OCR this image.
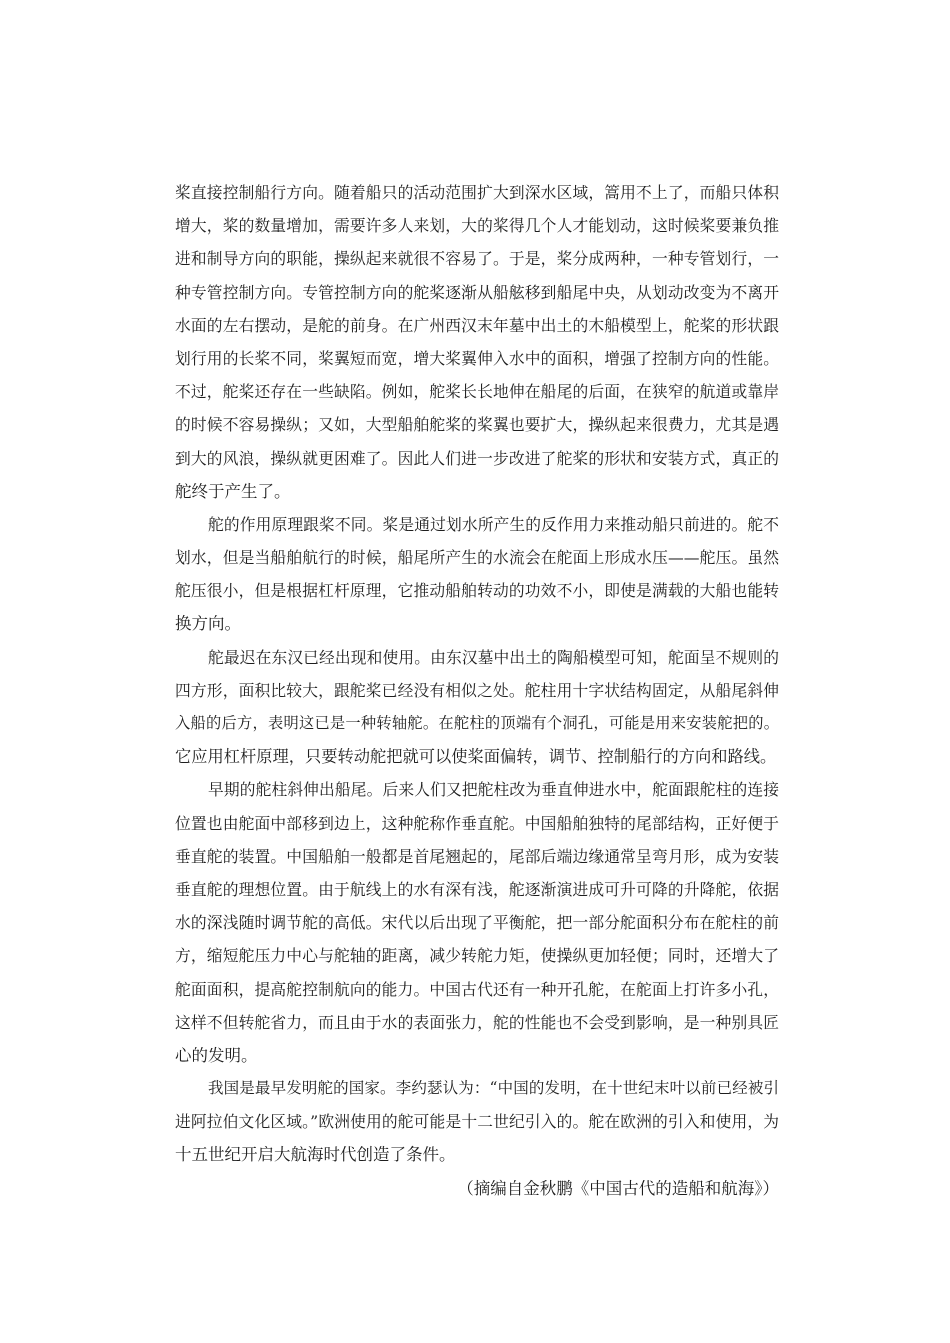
桨直接控制船行方向。随着船只的活动范围扩大到深水区域，篙用不上了，而船只体积
增大，桨的数量增加，需要许多人来划，大的桨得几个人才能划动，这时候桨要兼负推
进和制导方向的职能，操纵起来就很不容易了。于是，桨分成两种，一种专管划行，一
种专管控制方向。专管控制方向的舵桨逐渐从船舷移到船尾中央，从划动改变为不离开
水面的左右摆动，是舵的前身。在广州西汉末年墓中出土的木船模型上，舵桨的形状跟
划行用的长桨不同，桨翼短而宽，增大桨翼伸入水中的面积，增强了控制方向的性能。
不过，舵桨还存在一些缺陷。例如，舵桨长长地伸在船尾的后面，在狭窄的航道或靠岸
的时候不容易操纵；又如，大型船舶舵桨的桨翼也要扩大，操纵起来很费力，尤其是遇
到大的风浪，操纵就更困难了。因此人们进一步改进了舵桨的形状和安装方式，真正的
舵终于产生了。
舵的作用原理跟桨不同。桨是通过划水所产生的反作用力来推动船只前进的。舵不
划水，但是当船舶航行的时候，船尾所产生的水流会在舵面上形成水压——舵压。虽然
舵压很小，但是根据杠杆原理，它推动船舶转动的功效不小，即使是满载的大船也能转
换方向。
舵最迟在东汉已经出现和使用。由东汉墓中出土的陶船模型可知，舵面呈不规则的
四方形，面积比较大，跟舵桨已经没有相似之处。舵柱用十字状结构固定，从船尾斜伸
入船的后方，表明这已是一种转轴舵。在舵柱的顶端有个洞孔，可能是用来安装舵把的。
它应用杠杆原理，只要转动舵把就可以使桨面偏转，调节、控制船行的方向和路线。
早期的舵柱斜伸出船尾。后来人们又把舵柱改为垂直伸进水中，舵面跟舵柱的连接
位置也由舵面中部移到边上，这种舵称作垂直舵。中国船舶独特的尾部结构，正好便于
垂直舵的装置。中国船舶一般都是首尾翘起的，尾部后端边缘通常呈弯月形，成为安装
垂直舵的理想位置。由于航线上的水有深有浅，舵逐渐演进成可升可降的升降舵，依据
水的深浅随时调节舵的高低。宋代以后出现了平衡舵，把一部分舵面积分布在舵柱的前
方，缩短舵压力中心与舵轴的距离，减少转舵力矩，使操纵更加轻便；同时，还增大了
舵面面积，提高舵控制航向的能力。中国古代还有一种开孔舵，在舵面上打许多小孔，
这样不但转舵省力，而且由于水的表面张力，舵的性能也不会受到影响，是一种别具匠
心的发明。
我国是最早发明舵的国家。李约瑟认为：“中国的发明，在十世纪末叶以前已经被引
进阿拉伯文化区域。”欧洲使用的舵可能是十二世纪引入的。舵在欧洲的引入和使用，为
十五世纪开启大航海时代创造了条件。
（摘编自金秋鹏《中国古代的造船和航海》）
